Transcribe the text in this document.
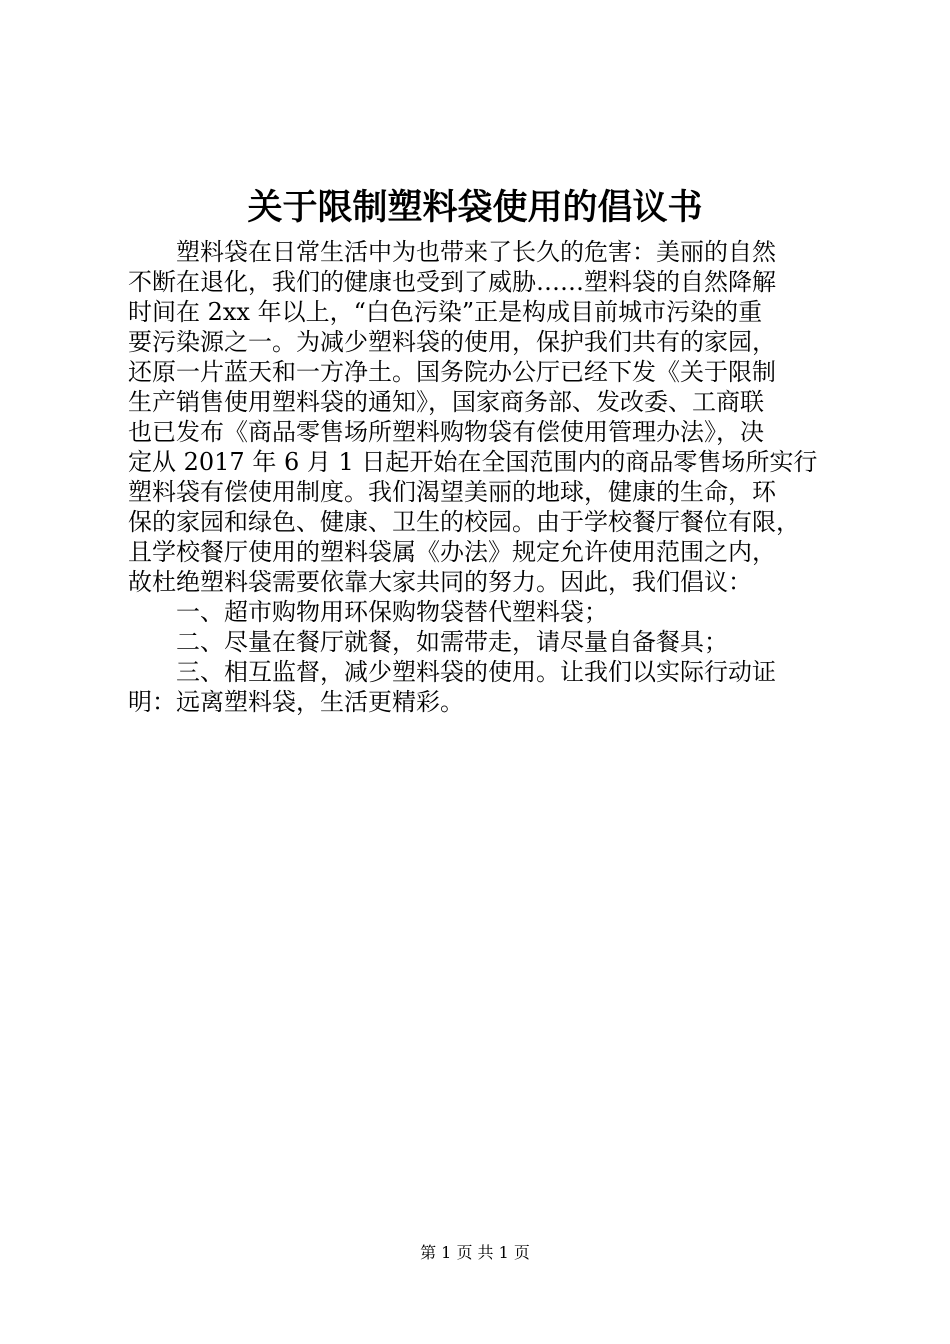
关于限制塑料袋使用的倡议书
　　塑料袋在日常生活中为也带来了长久的危害：美丽的自然
不断在退化，我们的健康也受到了威胁……塑料袋的自然降解
时间在 2xx 年以上，“白色污染”正是构成目前城市污染的重
要污染源之一。为减少塑料袋的使用，保护我们共有的家园，
还原一片蓝天和一方净土。国务院办公厅已经下发《关于限制
生产销售使用塑料袋的通知》，国家商务部、发改委、工商联
也已发布《商品零售场所塑料购物袋有偿使用管理办法》，决
定从 2017 年 6 月 1 日起开始在全国范围内的商品零售场所实行
塑料袋有偿使用制度。我们渴望美丽的地球，健康的生命，环
保的家园和绿色、健康、卫生的校园。由于学校餐厅餐位有限，
且学校餐厅使用的塑料袋属《办法》规定允许使用范围之内，
故杜绝塑料袋需要依靠大家共同的努力。因此，我们倡议：
　　一、超市购物用环保购物袋替代塑料袋；
　　二、尽量在餐厅就餐，如需带走，请尽量自备餐具；
　　三、相互监督，减少塑料袋的使用。让我们以实际行动证
明：远离塑料袋，生活更精彩。
第 1 页 共 1 页
